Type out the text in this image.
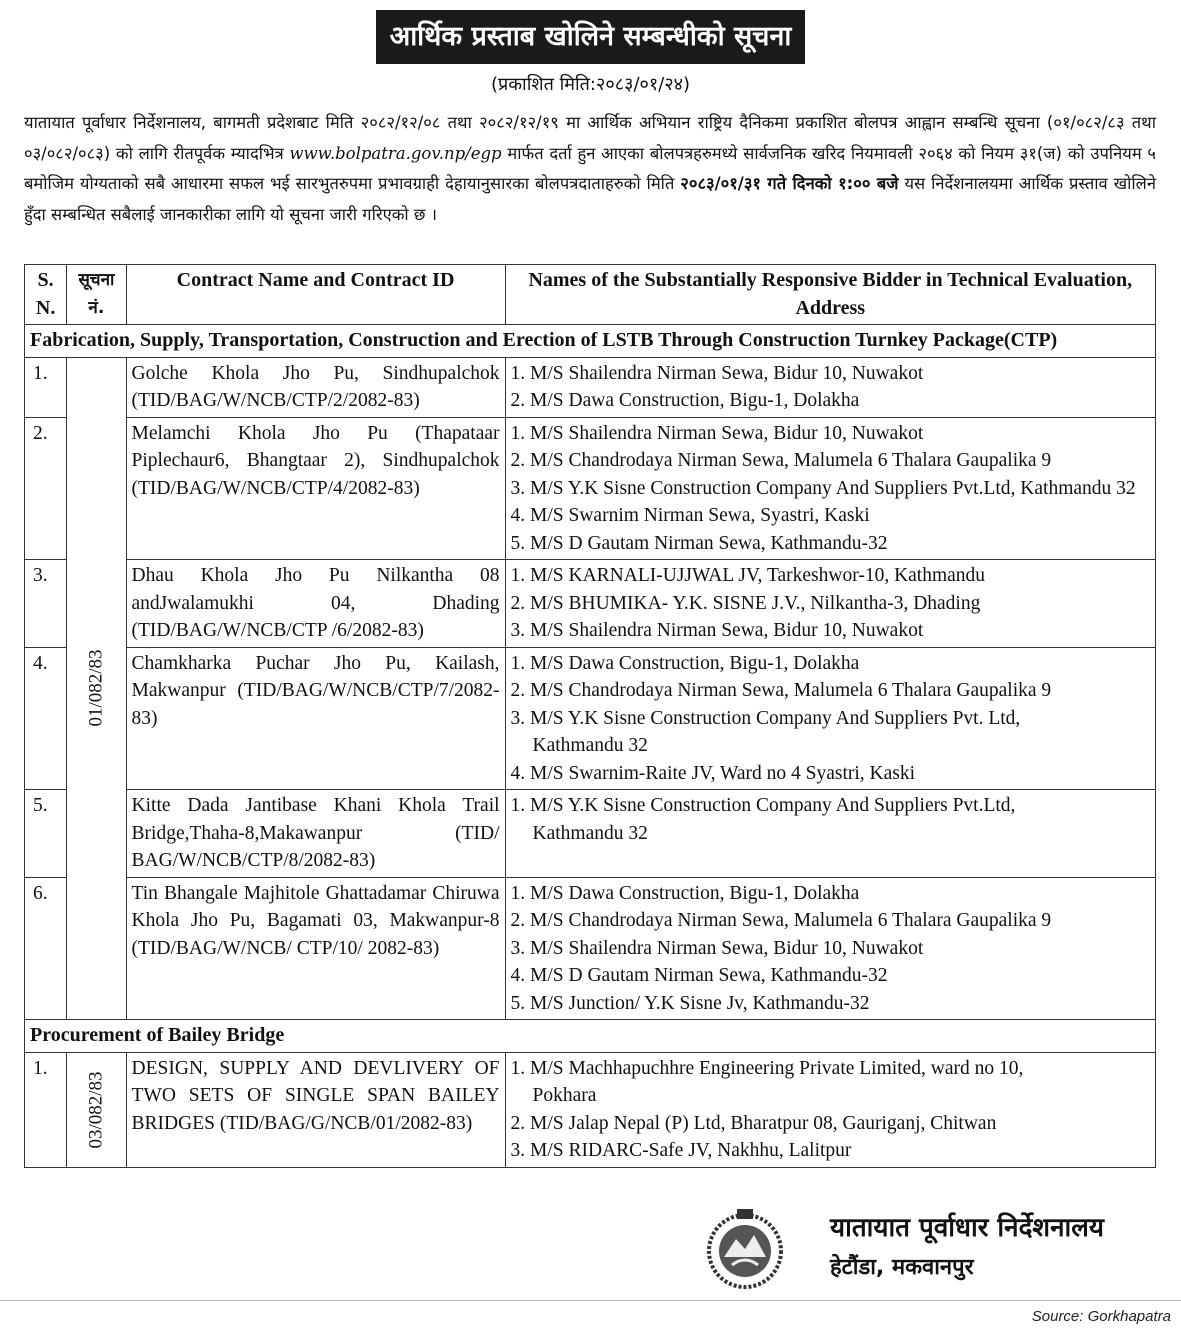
आर्थिक प्रस्ताब खोलिने सम्बन्धीको सूचना
(प्रकाशित मिति:२०८३/०१/२४)
यातायात पूर्वाधार निर्देशनालय, बागमती प्रदेशबाट मिति २०८२/१२/०८ तथा २०८२/१२/१९ मा आर्थिक अभियान राष्ट्रिय दैनिकमा प्रकाशित बोलपत्र आह्वान सम्बन्धि सूचना (०१/०८२/८३ तथा ०३/०८२/०८३) को लागि रीतपूर्वक म्यादभित्र www.bolpatra.gov.np/egp मार्फत दर्ता हुन आएका बोलपत्रहरुमध्ये सार्वजनिक खरिद नियमावली २०६४ को नियम ३१(ज) को उपनियम ५ बमोजिम योग्यताको सबै आधारमा सफल भई सारभुतरुपमा प्रभावग्राही देहायानुसारका बोलपत्रदाताहरुको मिति २०८३/०१/३१ गते दिनको १:०० बजे यस निर्देशनालयमा आर्थिक प्रस्ताव खोलिने हुँदा सम्बन्धित सबैलाई जानकारीका लागि यो सूचना जारी गरिएको छ ।
S. N.	सूचना नं.	Contract Name and Contract ID	Names of the Substantially Responsive Bidder in Technical Evaluation, Address
Fabrication, Supply, Transportation, Construction and Erection of LSTB Through Construction Turnkey Package(CTP)			
1.	01/082/83	Golche Khola Jho Pu, Sindhupalchok (TID/BAG/W/NCB/CTP/2/2082-83)	1. M/S Shailendra Nirman Sewa, Bidur 10, Nuwakot
2. M/S Dawa Construction, Bigu-1, Dolakha

2.		Melamchi Khola Jho Pu (Thapataar Piplechaur6, Bhangtaar 2), Sindhupalchok (TID/BAG/W/NCB/CTP/4/2082-83)	1. M/S Shailendra Nirman Sewa, Bidur 10, Nuwakot
2. M/S Chandrodaya Nirman Sewa, Malumela 6 Thalara Gaupalika 9
3. M/S Y.K Sisne Construction Company And Suppliers Pvt.Ltd, Kathmandu 32
4. M/S Swarnim Nirman Sewa, Syastri, Kaski
5. M/S D Gautam Nirman Sewa, Kathmandu-32

3.		Dhau Khola Jho Pu Nilkantha 08 andJwalamukhi 04, Dhading (TID/BAG/W/NCB/CTP /6/2082-83)	1. M/S KARNALI-UJJWAL JV, Tarkeshwor-10, Kathmandu
2. M/S BHUMIKA- Y.K. SISNE J.V., Nilkantha-3, Dhading
3. M/S Shailendra Nirman Sewa, Bidur 10, Nuwakot

4.		Chamkharka Puchar Jho Pu, Kailash, Makwanpur (TID/BAG/W/NCB/CTP/7/2082-83)	1. M/S Dawa Construction, Bigu-1, Dolakha
2. M/S Chandrodaya Nirman Sewa, Malumela 6 Thalara Gaupalika 9
3. M/S Y.K Sisne Construction Company And Suppliers Pvt. Ltd,
Kathmandu 32
4. M/S Swarnim-Raite JV, Ward no 4 Syastri, Kaski

5.		Kitte Dada Jantibase Khani Khola Trail Bridge,Thaha-8,Makawanpur (TID/ BAG/W/NCB/CTP/8/2082-83)	1. M/S Y.K Sisne Construction Company And Suppliers Pvt.Ltd,
Kathmandu 32

6.		Tin Bhangale Majhitole Ghattadamar Chiruwa Khola Jho Pu, Bagamati 03, Makwanpur-8 (TID/BAG/W/NCB/ CTP/10/ 2082-83)	1. M/S Dawa Construction, Bigu-1, Dolakha
2. M/S Chandrodaya Nirman Sewa, Malumela 6 Thalara Gaupalika 9
3. M/S Shailendra Nirman Sewa, Bidur 10, Nuwakot
4. M/S D Gautam Nirman Sewa, Kathmandu-32
5. M/S Junction/ Y.K Sisne Jv, Kathmandu-32

Procurement of Bailey Bridge			
1.	03/082/83	DESIGN, SUPPLY AND DEVLIVERY OF TWO SETS OF SINGLE SPAN BAILEY BRIDGES (TID/BAG/G/NCB/01/2082-83)	1. M/S Machhapuchhre Engineering Private Limited, ward no 10,
Pokhara
2. M/S Jalap Nepal (P) Ltd, Bharatpur 08, Gauriganj, Chitwan
3. M/S RIDARC-Safe JV, Nakhhu, Lalitpur
यातायात पूर्वाधार निर्देशनालय
हेटौंडा, मकवानपुर
Source: Gorkhapatra
